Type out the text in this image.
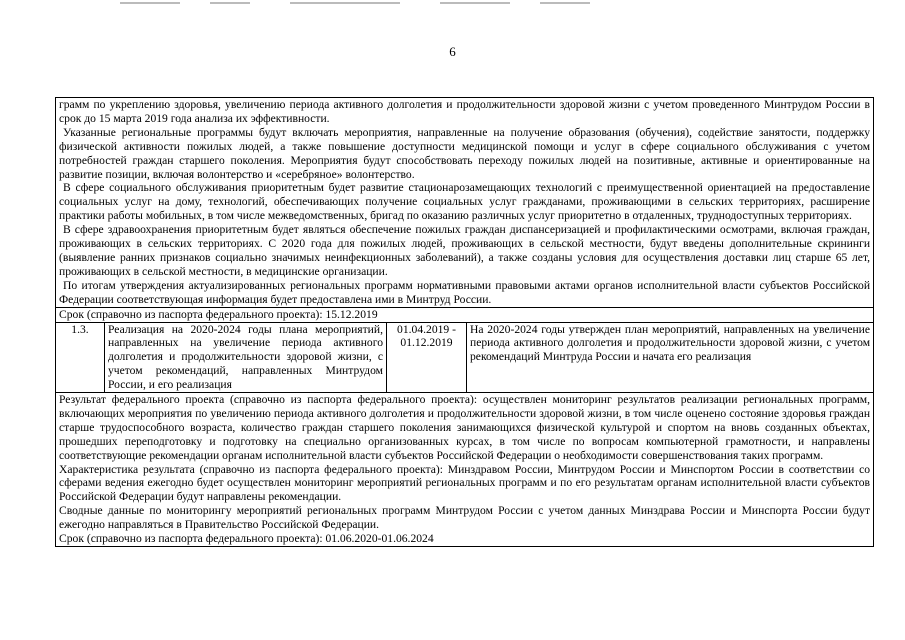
6

грамм по укреплению здоровья, увеличению периода активного долголетия и продолжительности здоровой жизни с учетом проведенного Минтрудом России в срок до 15 марта 2019 года анализа их эффективности.

Указанные региональные программы будут включать мероприятия, направленные на получение образования (обучения), содействие занятости, поддержку физической активности пожилых людей, а также повышение доступности медицинской помощи и услуг в сфере социального обслуживания с учетом потребностей граждан старшего поколения. Мероприятия будут способствовать переходу пожилых людей на позитивные, активные и ориентированные на развитие позиции, включая волонтерство и «серебряное» волонтерство.

В сфере социального обслуживания приоритетным будет развитие стационарозамещающих технологий с преимущественной ориентацией на предоставление социальных услуг на дому, технологий, обеспечивающих получение социальных услуг гражданами, проживающими в сельских территориях, расширение практики работы мобильных, в том числе межведомственных, бригад по оказанию различных услуг приоритетно в отдаленных, труднодоступных территориях.

В сфере здравоохранения приоритетным будет являться обеспечение пожилых граждан диспансеризацией и профилактическими осмотрами, включая граждан, проживающих в сельских территориях. С 2020 года для пожилых людей, проживающих в сельской местности, будут введены дополнительные скрининги (выявление ранних признаков социально значимых неинфекционных заболеваний), а также созданы условия для осуществления доставки лиц старше 65 лет, проживающих в сельской местности, в медицинские организации.

По итогам утверждения актуализированных региональных программ нормативными правовыми актами органов исполнительной власти субъектов Российской Федерации соответствующая информация будет предоставлена ими в Минтруд России.

Срок (справочно из паспорта федерального проекта): 15.12.2019

1.3.	Реализация на 2020-2024 годы плана мероприятий, направленных на увеличение периода активного долголетия и продолжительности здоровой жизни, с учетом рекомендаций, направленных Минтрудом России, и его реализация	01.04.2019 - 01.12.2019	На 2020-2024 годы утвержден план мероприятий, направленных на увеличение периода активного долголетия и продолжительности здоровой жизни, с учетом рекомендаций Минтруда России и начата его реализация

Результат федерального проекта (справочно из паспорта федерального проекта): осуществлен мониторинг результатов реализации региональных программ, включающих мероприятия по увеличению периода активного долголетия и продолжительности здоровой жизни, в том числе оценено состояние здоровья граждан старше трудоспособного возраста, количество граждан старшего поколения занимающихся физической культурой и спортом на вновь созданных объектах, прошедших переподготовку и подготовку на специально организованных курсах, в том числе по вопросам компьютерной грамотности, и направлены соответствующие рекомендации органам исполнительной власти субъектов Российской Федерации о необходимости совершенствования таких программ.

Характеристика результата (справочно из паспорта федерального проекта): Минздравом России, Минтрудом России и Минспортом России в соответствии со сферами ведения ежегодно будет осуществлен мониторинг мероприятий региональных программ и по его результатам органам исполнительной власти субъектов Российской Федерации будут направлены рекомендации.

Сводные данные по мониторингу мероприятий региональных программ Минтрудом России с учетом данных Минздрава России и Минспорта России будут ежегодно направляться в Правительство Российской Федерации.

Срок (справочно из паспорта федерального проекта): 01.06.2020-01.06.2024
